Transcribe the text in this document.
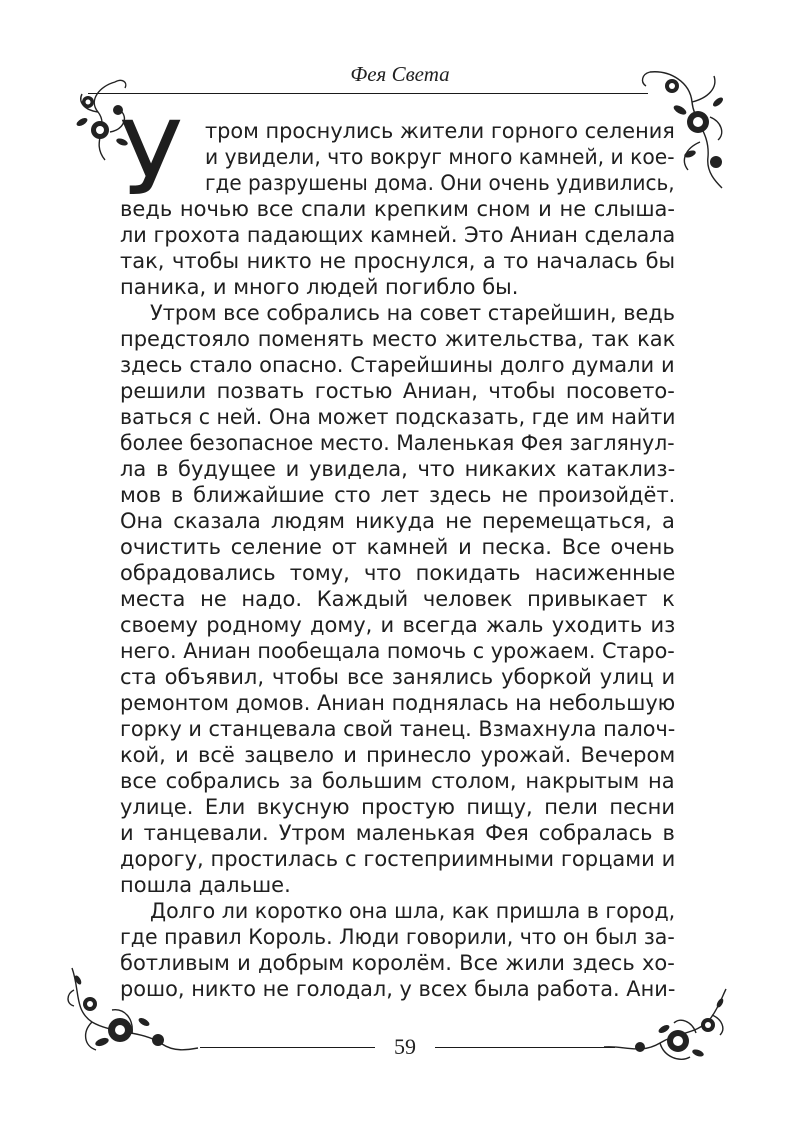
Фея Света
У тром проснулись жители горного селения
и увидели, что вокруг много камней, и кое-
где разрушены дома. Они очень удивились,
ведь ночью все спали крепким сном и не слыша-
ли грохота падающих камней. Это Аниан сделала
так, чтобы никто не проснулся, а то началась бы
паника, и много людей погибло бы.
Утром все собрались на совет старейшин, ведь
предстояло поменять место жительства, так как
здесь стало опасно. Старейшины долго думали и
решили позвать гостью Аниан, чтобы посовето-
ваться с ней. Она может подсказать, где им найти
более безопасное место. Маленькая Фея заглянул-
ла в будущее и увидела, что никаких катаклиз-
мов в ближайшие сто лет здесь не произойдёт.
Она сказала людям никуда не перемещаться, а
очистить селение от камней и песка. Все очень
обрадовались тому, что покидать насиженные
места не надо. Каждый человек привыкает к
своему родному дому, и всегда жаль уходить из
него. Аниан пообещала помочь с урожаем. Старо-
ста объявил, чтобы все занялись уборкой улиц и
ремонтом домов. Аниан поднялась на небольшую
горку и станцевала свой танец. Взмахнула палоч-
кой, и всё зацвело и принесло урожай. Вечером
все собрались за большим столом, накрытым на
улице. Ели вкусную простую пищу, пели песни
и танцевали. Утром маленькая Фея собралась в
дорогу, простилась с гостеприимными горцами и
пошла дальше.
Долго ли коротко она шла, как пришла в город,
где правил Король. Люди говорили, что он был за-
ботливым и добрым королём. Все жили здесь хо-
рошо, никто не голодал, у всех была работа. Ани-
59
